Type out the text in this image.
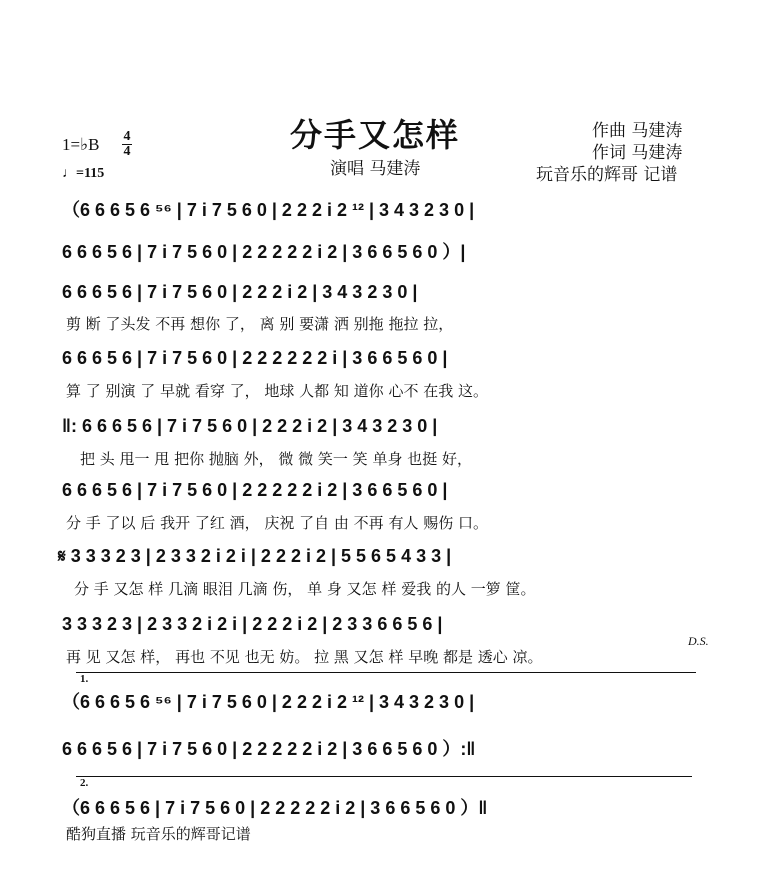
分手又怎样	作曲 马建涛
作词 马建涛
演唱 马建涛	玩音乐的辉哥 记谱
1=♭B 4
4
♩=115
（6 6 6 5 6 ⁵⁶ | 7 i 7 5 6 0 | 2 2 2 i 2 ¹² | 3 4 3 2 3 0 |
6 6 6 5 6 | 7 i 7 5 6 0 | 2 2 2 2 2 i 2 | 3 6 6 5 6 0 ）|
6 6 6 5 6 | 7 i 7 5 6 0 | 2 2 2 i 2 | 3 4 3 2 3 0 |
剪 断 了头发 不再 想你 了， 离 别 要潇 洒 别拖 拖拉 拉，
6 6 6 5 6 | 7 i 7 5 6 0 | 2 2 2 2 2 2 i | 3 6 6 5 6 0 |
算 了 别演 了 早就 看穿 了， 地球 人都 知 道你 心不 在我 这。
‖: 6 6 6 5 6 | 7 i 7 5 6 0 | 2 2 2 i 2 | 3 4 3 2 3 0 |
把 头 甩一 甩 把你 抛脑 外， 微 微 笑一 笑 单身 也挺 好，
6 6 6 5 6 | 7 i 7 5 6 0 | 2 2 2 2 2 i 2 | 3 6 6 5 6 0 |
分 手 了以 后 我开 了红 酒， 庆祝 了自 由 不再 有人 赐伤 口。
𝄋 3 3 3 2 3 | 2 3 3 2 i 2 i | 2 2 2 i 2 | 5 5 6 5 4 3 3 |
分 手 又怎 样 几滴 眼泪 几滴 伤， 单 身 又怎 样 爱我 的人 一箩 筐。
3 3 3 2 3 | 2 3 3 2 i 2 i | 2 2 2 i 2 | 2 3 3 6 6 5 6 |
再 见 又怎 样， 再也 不见 也无 妨。 拉 黑 又怎 样 早晚 都是 透心 凉。
D.S.
1.
（6 6 6 5 6 ⁵⁶ | 7 i 7 5 6 0 | 2 2 2 i 2 ¹² | 3 4 3 2 3 0 |
6 6 6 5 6 | 7 i 7 5 6 0 | 2 2 2 2 2 i 2 | 3 6 6 5 6 0 ）:‖
2.
（6 6 6 5 6 | 7 i 7 5 6 0 | 2 2 2 2 2 i 2 | 3 6 6 5 6 0 ）‖
酷狗直播 玩音乐的辉哥记谱
